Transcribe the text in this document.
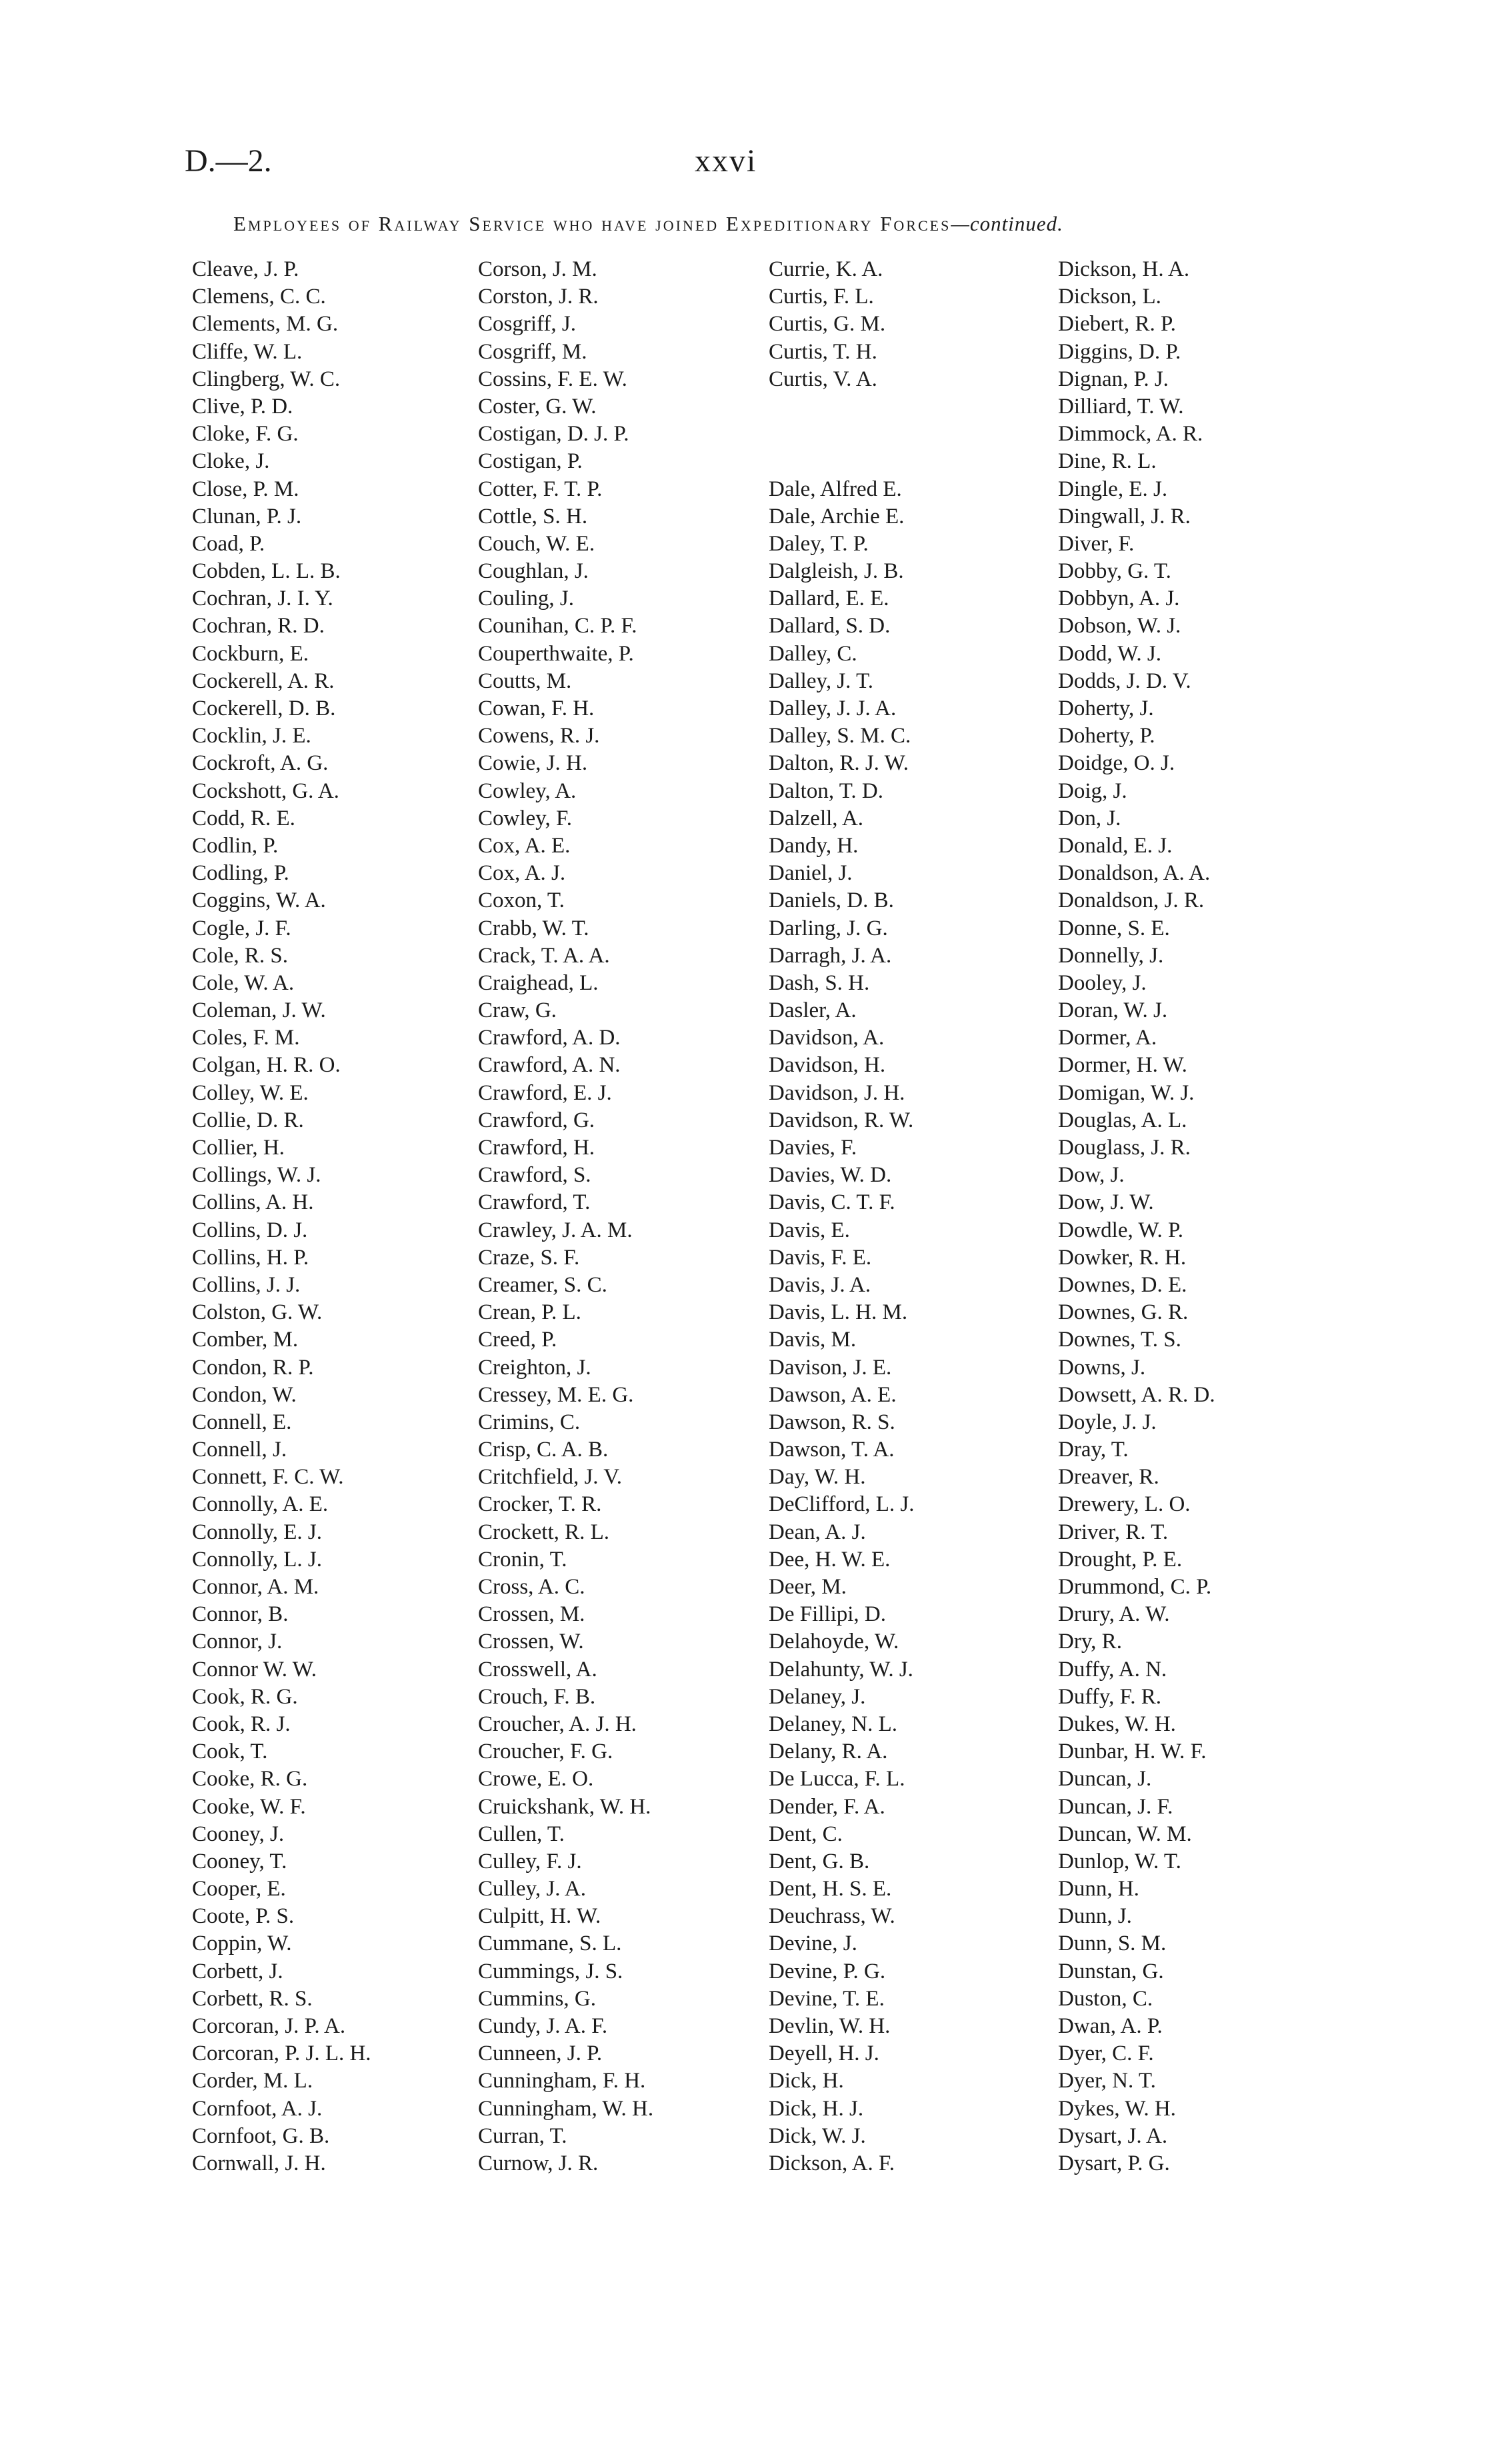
D.—2.	xxvi
Employees of Railway Service who have joined Expeditionary Forces—continued.
Cleave, J. P.
Clemens, C. C.
Clements, M. G.
Cliffe, W. L.
Clingberg, W. C.
Clive, P. D.
Cloke, F. G.
Cloke, J.
Close, P. M.
Clunan, P. J.
Coad, P.
Cobden, L. L. B.
Cochran, J. I. Y.
Cochran, R. D.
Cockburn, E.
Cockerell, A. R.
Cockerell, D. B.
Cocklin, J. E.
Cockroft, A. G.
Cockshott, G. A.
Codd, R. E.
Codlin, P.
Codling, P.
Coggins, W. A.
Cogle, J. F.
Cole, R. S.
Cole, W. A.
Coleman, J. W.
Coles, F. M.
Colgan, H. R. O.
Colley, W. E.
Collie, D. R.
Collier, H.
Collings, W. J.
Collins, A. H.
Collins, D. J.
Collins, H. P.
Collins, J. J.
Colston, G. W.
Comber, M.
Condon, R. P.
Condon, W.
Connell, E.
Connell, J.
Connett, F. C. W.
Connolly, A. E.
Connolly, E. J.
Connolly, L. J.
Connor, A. M.
Connor, B.
Connor, J.
Connor W. W.
Cook, R. G.
Cook, R. J.
Cook, T.
Cooke, R. G.
Cooke, W. F.
Cooney, J.
Cooney, T.
Cooper, E.
Coote, P. S.
Coppin, W.
Corbett, J.
Corbett, R. S.
Corcoran, J. P. A.
Corcoran, P. J. L. H.
Corder, M. L.
Cornfoot, A. J.
Cornfoot, G. B.
Cornwall, J. H.
Corson, J. M.
Corston, J. R.
Cosgriff, J.
Cosgriff, M.
Cossins, F. E. W.
Coster, G. W.
Costigan, D. J. P.
Costigan, P.
Cotter, F. T. P.
Cottle, S. H.
Couch, W. E.
Coughlan, J.
Couling, J.
Counihan, C. P. F.
Couperthwaite, P.
Coutts, M.
Cowan, F. H.
Cowens, R. J.
Cowie, J. H.
Cowley, A.
Cowley, F.
Cox, A. E.
Cox, A. J.
Coxon, T.
Crabb, W. T.
Crack, T. A. A.
Craighead, L.
Craw, G.
Crawford, A. D.
Crawford, A. N.
Crawford, E. J.
Crawford, G.
Crawford, H.
Crawford, S.
Crawford, T.
Crawley, J. A. M.
Craze, S. F.
Creamer, S. C.
Crean, P. L.
Creed, P.
Creighton, J.
Cressey, M. E. G.
Crimins, C.
Crisp, C. A. B.
Critchfield, J. V.
Crocker, T. R.
Crockett, R. L.
Cronin, T.
Cross, A. C.
Crossen, M.
Crossen, W.
Crosswell, A.
Crouch, F. B.
Croucher, A. J. H.
Croucher, F. G.
Crowe, E. O.
Cruickshank, W. H.
Cullen, T.
Culley, F. J.
Culley, J. A.
Culpitt, H. W.
Cummane, S. L.
Cummings, J. S.
Cummins, G.
Cundy, J. A. F.
Cunneen, J. P.
Cunningham, F. H.
Cunningham, W. H.
Curran, T.
Curnow, J. R.
Currie, K. A.
Curtis, F. L.
Curtis, G. M.
Curtis, T. H.
Curtis, V. A.
Dale, Alfred E.
Dale, Archie E.
Daley, T. P.
Dalgleish, J. B.
Dallard, E. E.
Dallard, S. D.
Dalley, C.
Dalley, J. T.
Dalley, J. J. A.
Dalley, S. M. C.
Dalton, R. J. W.
Dalton, T. D.
Dalzell, A.
Dandy, H.
Daniel, J.
Daniels, D. B.
Darling, J. G.
Darragh, J. A.
Dash, S. H.
Dasler, A.
Davidson, A.
Davidson, H.
Davidson, J. H.
Davidson, R. W.
Davies, F.
Davies, W. D.
Davis, C. T. F.
Davis, E.
Davis, F. E.
Davis, J. A.
Davis, L. H. M.
Davis, M.
Davison, J. E.
Dawson, A. E.
Dawson, R. S.
Dawson, T. A.
Day, W. H.
DeClifford, L. J.
Dean, A. J.
Dee, H. W. E.
Deer, M.
De Fillipi, D.
Delahoyde, W.
Delahunty, W. J.
Delaney, J.
Delaney, N. L.
Delany, R. A.
De Lucca, F. L.
Dender, F. A.
Dent, C.
Dent, G. B.
Dent, H. S. E.
Deuchrass, W.
Devine, J.
Devine, P. G.
Devine, T. E.
Devlin, W. H.
Deyell, H. J.
Dick, H.
Dick, H. J.
Dick, W. J.
Dickson, A. F.
Dickson, H. A.
Dickson, L.
Diebert, R. P.
Diggins, D. P.
Dignan, P. J.
Dilliard, T. W.
Dimmock, A. R.
Dine, R. L.
Dingle, E. J.
Dingwall, J. R.
Diver, F.
Dobby, G. T.
Dobbyn, A. J.
Dobson, W. J.
Dodd, W. J.
Dodds, J. D. V.
Doherty, J.
Doherty, P.
Doidge, O. J.
Doig, J.
Don, J.
Donald, E. J.
Donaldson, A. A.
Donaldson, J. R.
Donne, S. E.
Donnelly, J.
Dooley, J.
Doran, W. J.
Dormer, A.
Dormer, H. W.
Domigan, W. J.
Douglas, A. L.
Douglass, J. R.
Dow, J.
Dow, J. W.
Dowdle, W. P.
Dowker, R. H.
Downes, D. E.
Downes, G. R.
Downes, T. S.
Downs, J.
Dowsett, A. R. D.
Doyle, J. J.
Dray, T.
Dreaver, R.
Drewery, L. O.
Driver, R. T.
Drought, P. E.
Drummond, C. P.
Drury, A. W.
Dry, R.
Duffy, A. N.
Duffy, F. R.
Dukes, W. H.
Dunbar, H. W. F.
Duncan, J.
Duncan, J. F.
Duncan, W. M.
Dunlop, W. T.
Dunn, H.
Dunn, J.
Dunn, S. M.
Dunstan, G.
Duston, C.
Dwan, A. P.
Dyer, C. F.
Dyer, N. T.
Dykes, W. H.
Dysart, J. A.
Dysart, P. G.
